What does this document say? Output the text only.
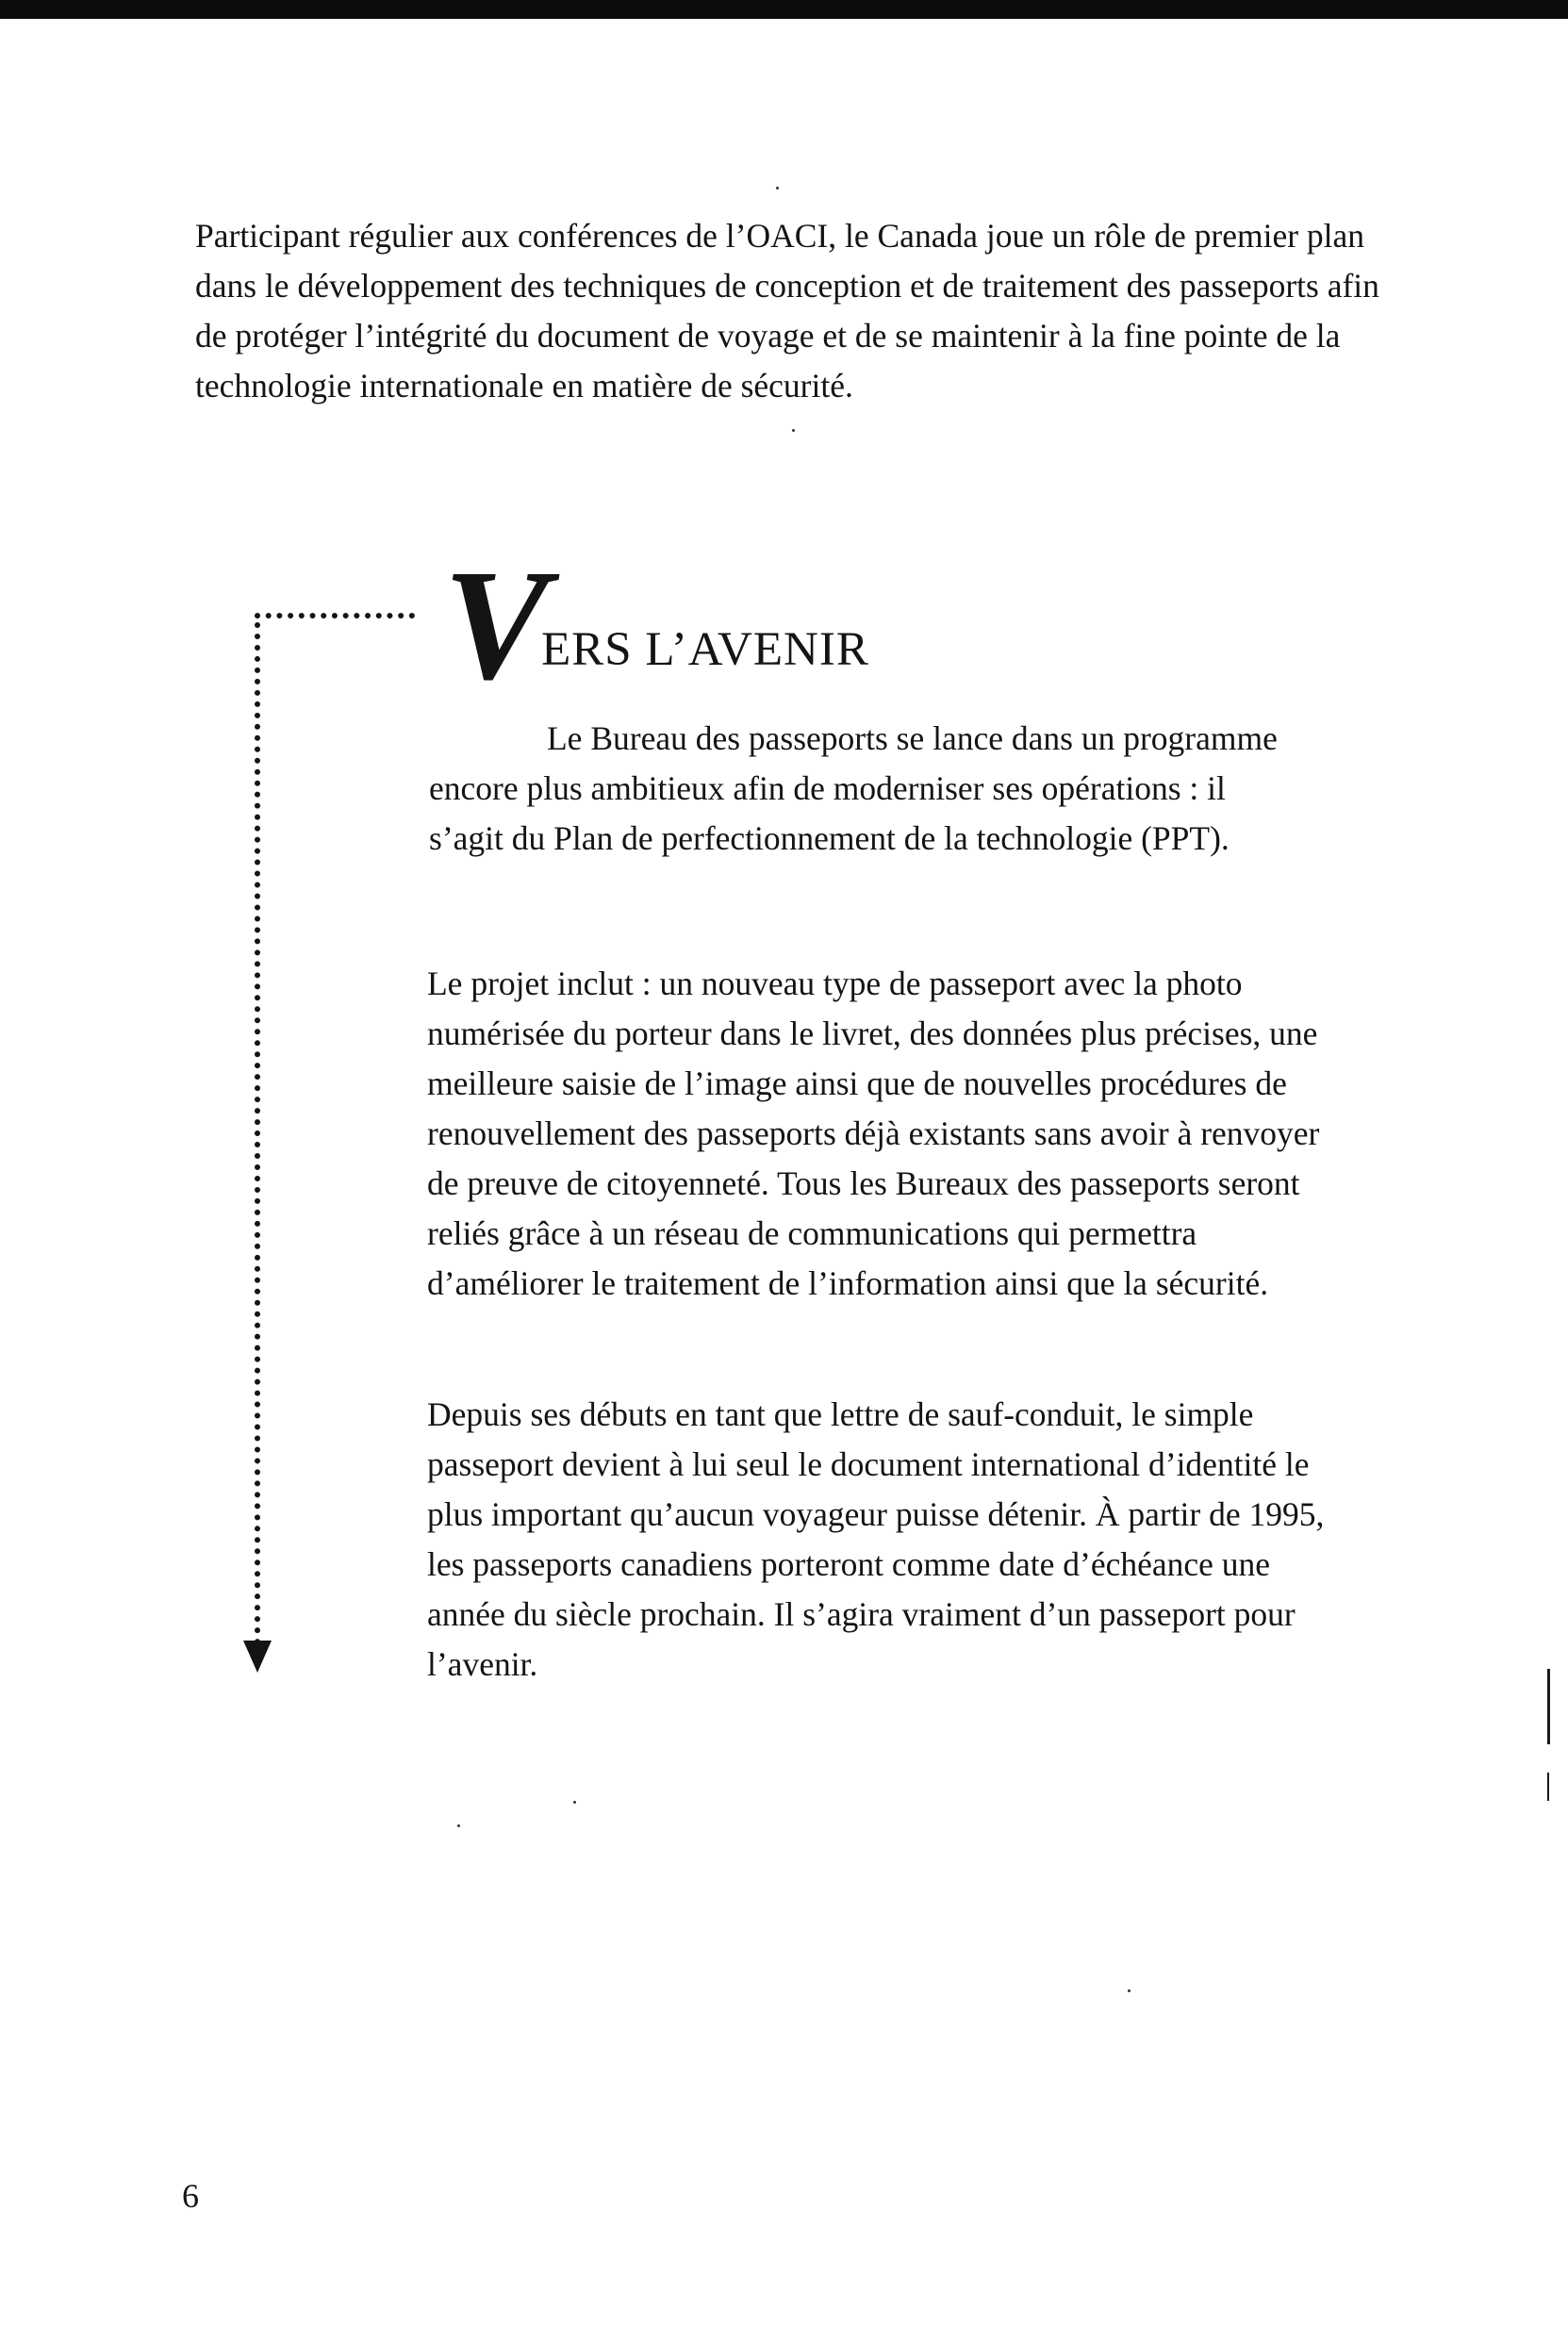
Participant régulier aux conférences de l’OACI, le Canada joue un rôle de premier plan dans le développement des techniques de conception et de traitement des passeports afin de protéger l’intégrité du document de voyage et de se maintenir à la fine pointe de la technologie internationale en matière de sécurité.

VERS L’AVENIR

Le Bureau des passeports se lance dans un programme encore plus ambitieux afin de moderniser ses opérations : il s’agit du Plan de perfectionnement de la technologie (PPT).

Le projet inclut : un nouveau type de passeport avec la photo numérisée du porteur dans le livret, des données plus précises, une meilleure saisie de l’image ainsi que de nouvelles procédures de renouvellement des passeports déjà existants sans avoir à renvoyer de preuve de citoyenneté. Tous les Bureaux des passeports seront reliés grâce à un réseau de communications qui permettra d’améliorer le traitement de l’information ainsi que la sécurité.

Depuis ses débuts en tant que lettre de sauf-conduit, le simple passeport devient à lui seul le document international d’identité le plus important qu’aucun voyageur puisse détenir. À partir de 1995, les passeports canadiens porteront comme date d’échéance une année du siècle prochain. Il s’agira vraiment d’un passeport pour l’avenir.

6
